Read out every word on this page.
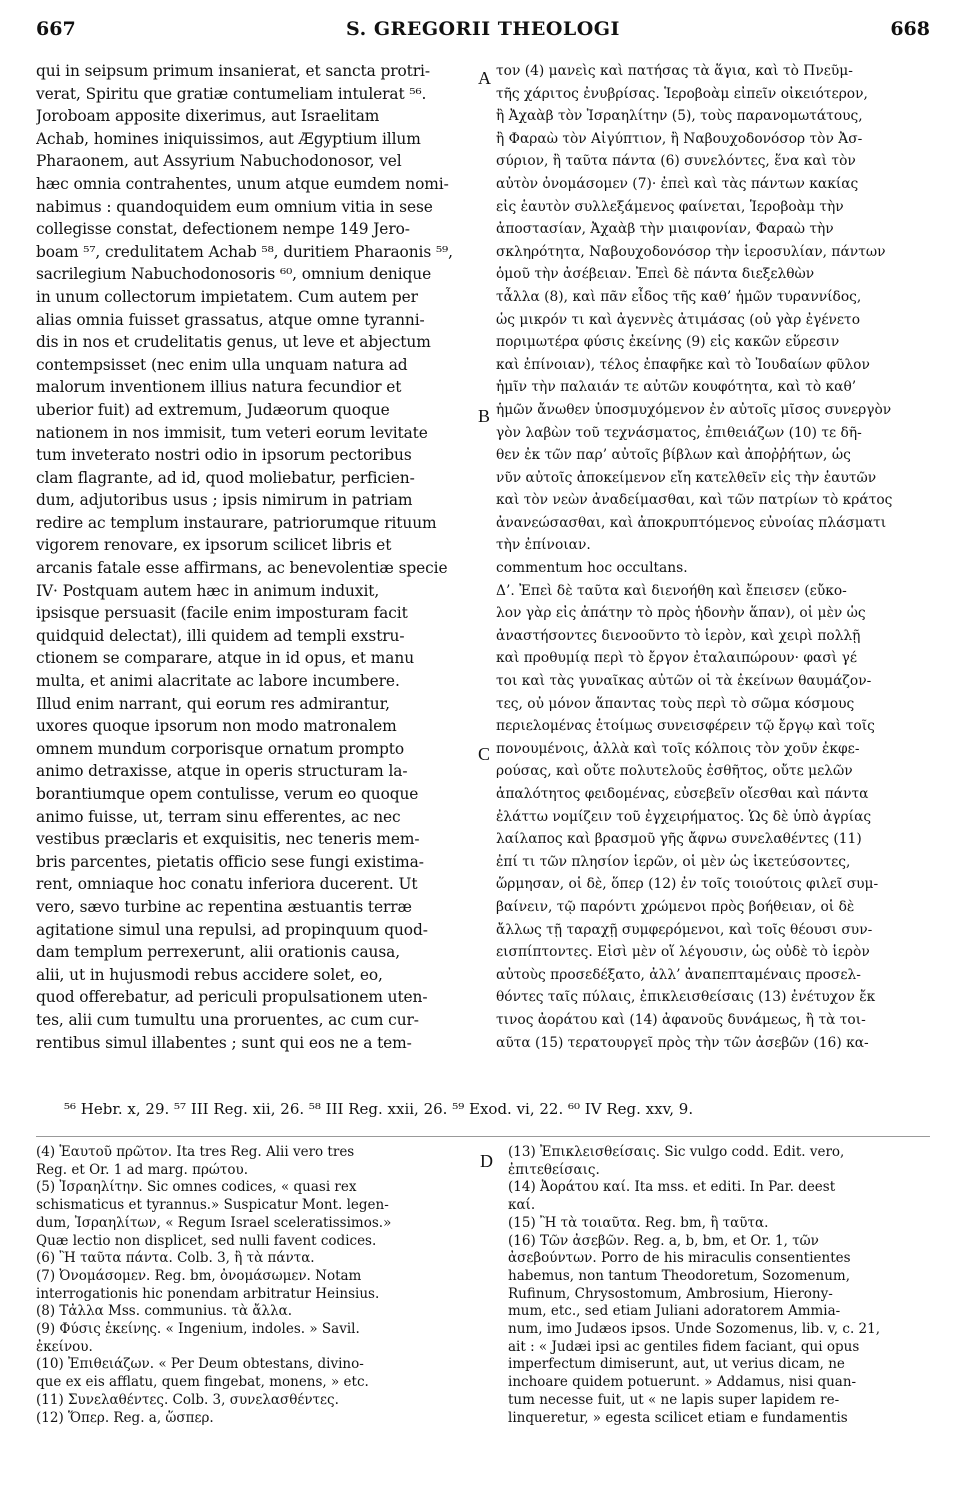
667	S. GREGORII THEOLOGI	668
qui in seipsum primum insanierat, et sancta protri-
verat, Spiritu que gratiæ contumeliam intulerat ⁵⁶.
Joroboam apposite dixerimus, aut Israelitam
Achab, homines iniquissimos, aut Ægyptium illum
Pharaonem, aut Assyrium Nabuchodonosor, vel
hæc omnia contrahentes, unum atque eumdem nomi-
nabimus : quandoquidem eum omnium vitia in sese
collegisse constat, defectionem nempe 149 Jero-
boam ⁵⁷, credulitatem Achab ⁵⁸, duritiem Pharaonis ⁵⁹,
sacrilegium Nabuchodonosoris ⁶⁰, omnium denique
in unum collectorum impietatem. Cum autem per
alias omnia fuisset grassatus, atque omne tyranni-
dis in nos et crudelitatis genus, ut leve et abjectum
contempsisset (nec enim ulla unquam natura ad
malorum inventionem illius natura fecundior et
uberior fuit) ad extremum, Judæorum quoque
nationem in nos immisit, tum veteri eorum levitate
tum inveterato nostri odio in ipsorum pectoribus
clam flagrante, ad id, quod moliebatur, perficien-
dum, adjutoribus usus ; ipsis nimirum in patriam
redire ac templum instaurare, patriorumque rituum
vigorem renovare, ex ipsorum scilicet libris et
arcanis fatale esse affirmans, ac benevolentiæ specie
IV· Postquam autem hæc in animum induxit,
ipsisque persuasit (facile enim imposturam facit
quidquid delectat), illi quidem ad templi exstru-
ctionem se comparare, atque in id opus, et manu
multa, et animi alacritate ac labore incumbere.
Illud enim narrant, qui eorum res admirantur,
uxores quoque ipsorum non modo matronalem
omnem mundum corporisque ornatum prompto
animo detraxisse, atque in operis structuram la-
borantiumque opem contulisse, verum eo quoque
animo fuisse, ut, terram sinu efferentes, ac nec
vestibus præclaris et exquisitis, nec teneris mem-
bris parcentes, pietatis officio sese fungi existima-
rent, omniaque hoc conatu inferiora ducerent. Ut
vero, sævo turbine ac repentina æstuantis terræ
agitatione simul una repulsi, ad propinquum quod-
dam templum perrexerunt, alii orationis causa,
alii, ut in hujusmodi rebus accidere solet, eo,
quod offerebatur, ad periculi propulsationem uten-
tes, alii cum tumultu una proruentes, ac cum cur-
rentibus simul illabentes ; sunt qui eos ne a tem-
τον (4) μανεὶς καὶ πατήσας τὰ ἅγια, καὶ τὸ Πνεῦμ-
τῆς χάριτος ἐνυβρίσας. Ἱεροβοὰμ εἰπεῖν οἰκειότερον,
ἢ Ἀχαὰβ τὸν Ἰσραηλίτην (5), τοὺς παρανομωτάτους,
ἢ Φαραὼ τὸν Αἰγύπτιον, ἢ Ναβουχοδονόσορ τὸν Ἀσ-
σύριον, ἢ ταῦτα πάντα (6) συνελόντες, ἕνα καὶ τὸν
αὐτὸν ὀνομάσομεν (7)· ἐπεὶ καὶ τὰς πάντων κακίας
εἰς ἑαυτὸν συλλεξάμενος φαίνεται, Ἱεροβοὰμ τὴν
ἀποστασίαν, Ἀχαὰβ τὴν μιαιφονίαν, Φαραὼ τὴν
σκληρότητα, Ναβουχοδονόσορ τὴν ἱεροσυλίαν, πάντων
ὁμοῦ τὴν ἀσέβειαν. Ἐπεὶ δὲ πάντα διεξελθὼν
τἆλλα (8), καὶ πᾶν εἶδος τῆς καθ’ ἡμῶν τυραννίδος,
ὡς μικρόν τι καὶ ἀγεννὲς ἀτιμάσας (οὐ γὰρ ἐγένετο
ποριμωτέρα φύσις ἐκείνης (9) εἰς κακῶν εὕρεσιν
καὶ ἐπίνοιαν), τέλος ἐπαφῆκε καὶ τὸ Ἰουδαίων φῦλον
ἡμῖν τὴν παλαιάν τε αὐτῶν κουφότητα, καὶ τὸ καθ’
ἡμῶν ἄνωθεν ὑποσμυχόμενον ἐν αὐτοῖς μῖσος συνεργὸν
γὸν λαβὼν τοῦ τεχνάσματος, ἐπιθειάζων (10) τε δῆ-
θεν ἐκ τῶν παρ’ αὐτοῖς βίβλων καὶ ἀποῤῥήτων, ὡς
νῦν αὐτοῖς ἀποκείμενον εἴη κατελθεῖν εἰς τὴν ἑαυτῶν
καὶ τὸν νεὼν ἀναδείμασθαι, καὶ τῶν πατρίων τὸ κράτος
ἀνανεώσασθαι, καὶ ἀποκρυπτόμενος εὐνοίας πλάσματι
τὴν ἐπίνοιαν.
commentum hoc occultans.
Δ’. Ἐπεὶ δὲ ταῦτα καὶ διενοήθη καὶ ἔπεισεν (εὔκο-
λον γὰρ εἰς ἀπάτην τὸ πρὸς ἡδονὴν ἅπαν), οἱ μὲν ὡς
ἀναστήσοντες διενοοῦντο τὸ ἱερὸν, καὶ χειρὶ πολλῇ
καὶ προθυμίᾳ περὶ τὸ ἔργον ἐταλαιπώρουν· φασὶ γέ
τοι καὶ τὰς γυναῖκας αὐτῶν οἱ τὰ ἐκείνων θαυμάζον-
τες, οὐ μόνον ἅπαντας τοὺς περὶ τὸ σῶμα κόσμους
περιελομένας ἑτοίμως συνεισφέρειν τῷ ἔργῳ καὶ τοῖς
πονουμένοις, ἀλλὰ καὶ τοῖς κόλποις τὸν χοῦν ἐκφε-
ρούσας, καὶ οὔτε πολυτελοῦς ἐσθῆτος, οὔτε μελῶν
ἁπαλότητος φειδομένας, εὐσεβεῖν οἴεσθαι καὶ πάντα
ἐλάττω νομίζειν τοῦ ἐγχειρήματος. Ὡς δὲ ὑπὸ ἀγρίας
λαίλαπος καὶ βρασμοῦ γῆς ἄφνω συνελαθέντες (11)
ἐπί τι τῶν πλησίον ἱερῶν, οἱ μὲν ὡς ἱκετεύσοντες,
ὥρμησαν, οἱ δὲ, ὅπερ (12) ἐν τοῖς τοιούτοις φιλεῖ συμ-
βαίνειν, τῷ παρόντι χρώμενοι πρὸς βοήθειαν, οἱ δὲ
ἄλλως τῇ ταραχῇ συμφερόμενοι, καὶ τοῖς θέουσι συν-
εισπίπτοντες. Εἰσὶ μὲν οἵ λέγουσιν, ὡς οὐδὲ τὸ ἱερὸν
αὐτοὺς προσεδέξατο, ἀλλ’ ἀναπεπταμέναις προσελ-
θόντες ταῖς πύλαις, ἐπικλεισθείσαις (13) ἐνέτυχον ἔκ
τινος ἀοράτου καὶ (14) ἀφανοῦς δυνάμεως, ἢ τὰ τοι-
αῦτα (15) τερατουργεῖ πρὸς τὴν τῶν ἀσεβῶν (16) κα-
A
B
C
D
⁵⁶ Hebr. x, 29. ⁵⁷ III Reg. xii, 26. ⁵⁸ III Reg. xxii, 26. ⁵⁹ Exod. vi, 22. ⁶⁰ IV Reg. xxv, 9.
(4) Ἑαυτοῦ πρῶτον. Ita tres Reg. Alii vero tres
Reg. et Or. 1 ad marg. πρώτου.
(5) Ἰσραηλίτην. Sic omnes codices, « quasi rex
schismaticus et tyrannus.» Suspicatur Mont. legen-
dum, Ἰσραηλίτων, « Regum Israel sceleratissimos.»
Quæ lectio non displicet, sed nulli favent codices.
(6) Ἢ ταῦτα πάντα. Colb. 3, ἢ τὰ πάντα.
(7) Ὀνομάσομεν. Reg. bm, ὀνομάσωμεν. Notam
interrogationis hic ponendam arbitratur Heinsius.
(8) Τἆλλα Mss. communius. τὰ ἄλλα.
(9) Φύσις ἐκείνης. « Ingenium, indoles. » Savil.
ἐκείνου.
(10) Ἐπιθειάζων. « Per Deum obtestans, divino-
que ex eis afflatu, quem fingebat, monens, » etc.
(11) Συνελαθέντες. Colb. 3, συνελασθέντες.
(12) Ὅπερ. Reg. a, ὥσπερ.
(13) Ἐπικλεισθείσαις. Sic vulgo codd. Edit. vero,
ἐπιτεθείσαις.
(14) Ἀοράτου καί. Ita mss. et editi. In Par. deest
καί.
(15) Ἢ τὰ τοιαῦτα. Reg. bm, ἢ ταῦτα.
(16) Τῶν ἀσεβῶν. Reg. a, b, bm, et Or. 1, τῶν
ἀσεβούντων. Porro de his miraculis consentientes
habemus, non tantum Theodoretum, Sozomenum,
Rufinum, Chrysostomum, Ambrosium, Hierony-
mum, etc., sed etiam Juliani adoratorem Ammia-
num, imo Judæos ipsos. Unde Sozomenus, lib. v, c. 21,
ait : « Judæi ipsi ac gentiles fidem faciant, qui opus
imperfectum dimiserunt, aut, ut verius dicam, ne
inchoare quidem potuerunt. » Addamus, nisi quan-
tum necesse fuit, ut « ne lapis super lapidem re-
linqueretur, » egesta scilicet etiam e fundamentis
